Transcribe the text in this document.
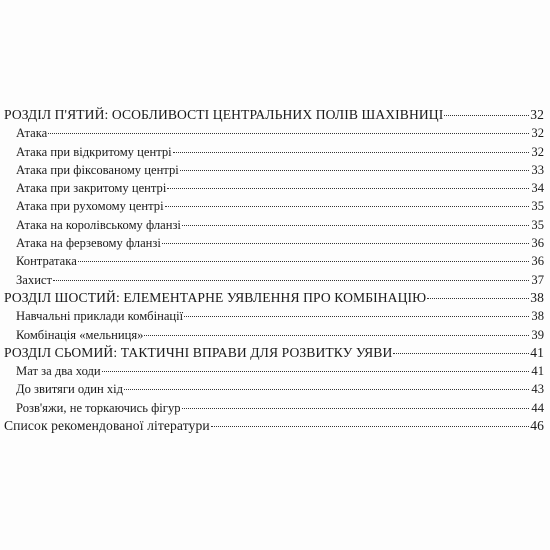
РОЗДІЛ П'ЯТИЙ: ОСОБЛИВОСТІ ЦЕНТРАЛЬНИХ ПОЛІВ ШАХІВНИЦІ	32
Атака	32
Атака при відкритому центрі	32
Атака при фіксованому центрі	33
Атака при закритому центрі	34
Атака при рухомому центрі	35
Атака на королівському фланзі	35
Атака на ферзевому фланзі	36
Контратака	36
Захист	37
РОЗДІЛ ШОСТИЙ: ЕЛЕМЕНТАРНЕ УЯВЛЕННЯ ПРО КОМБІНАЦІЮ	38
Навчальні приклади комбінації	38
Комбінація «мельниця»	39
РОЗДІЛ СЬОМИЙ: ТАКТИЧНІ ВПРАВИ ДЛЯ РОЗВИТКУ УЯВИ	41
Мат за два ходи	41
До звитяги один хід	43
Розв'яжи, не торкаючись фігур	44
Список рекомендованої літератури	46
